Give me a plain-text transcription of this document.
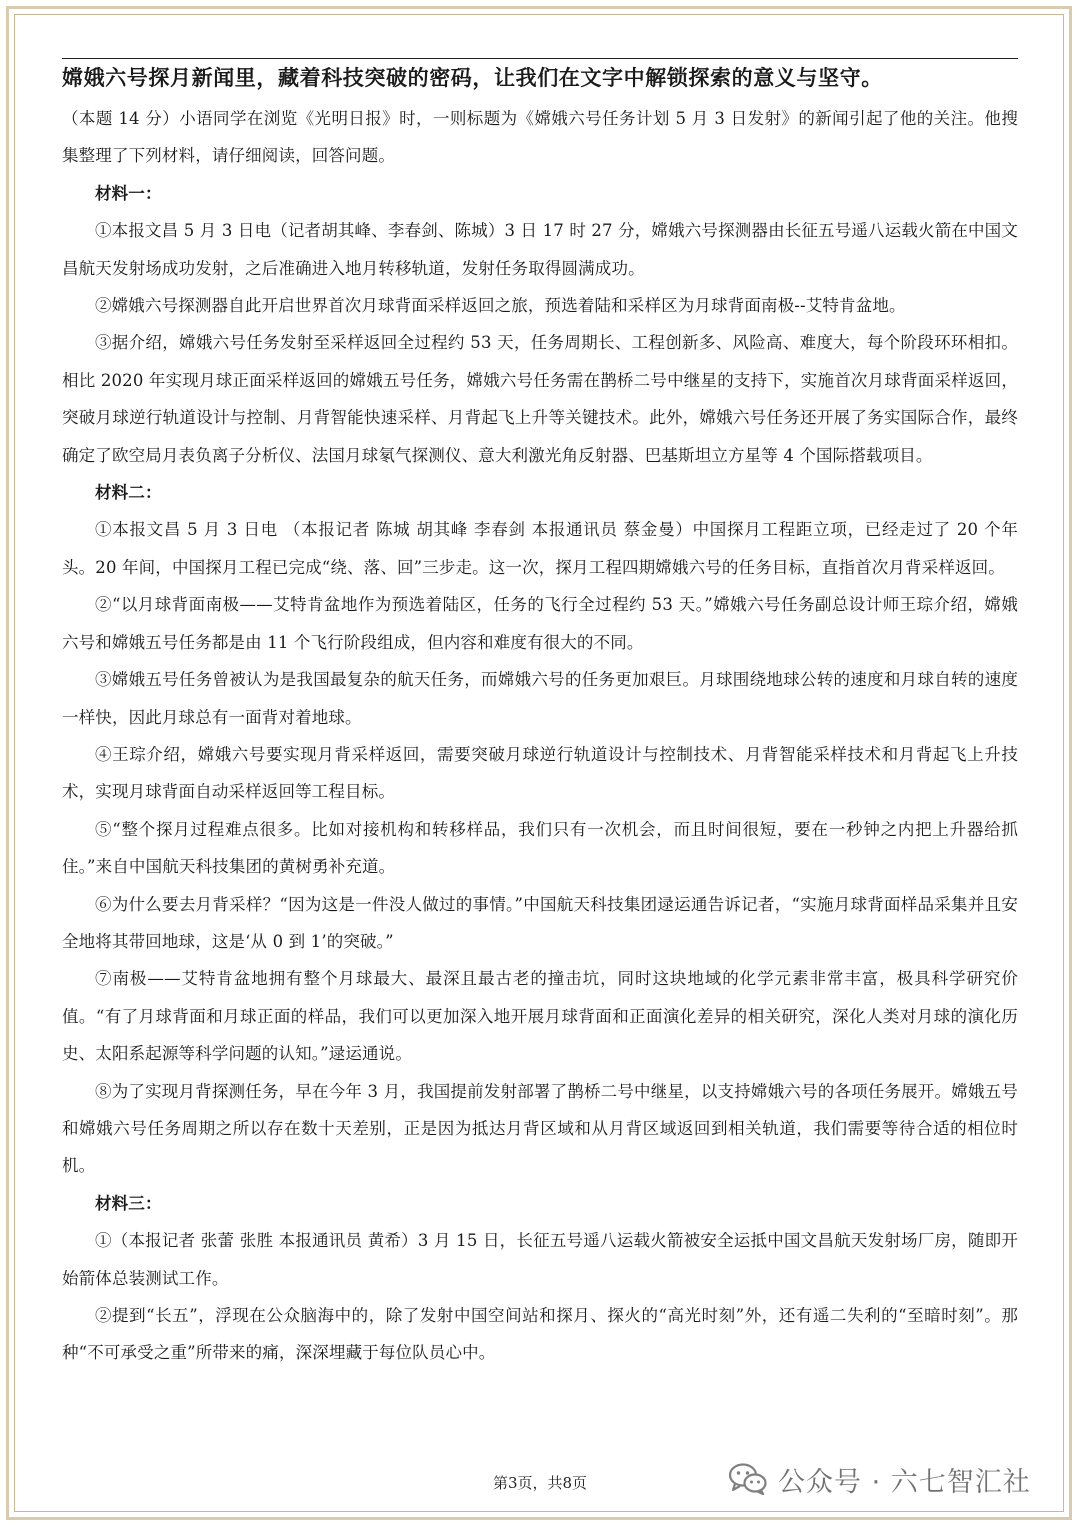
嫦娥六号探月新闻里，藏着科技突破的密码，让我们在文字中解锁探索的意义与坚守。

（本题 14 分）小语同学在浏览《光明日报》时，一则标题为《嫦娥六号任务计划 5 月 3 日发射》的新闻引起了他的关注。他搜集整理了下列材料，请仔细阅读，回答问题。

材料一：

①本报文昌 5 月 3 日电（记者胡其峰、李春剑、陈城）3 日 17 时 27 分，嫦娥六号探测器由长征五号遥八运载火箭在中国文昌航天发射场成功发射，之后准确进入地月转移轨道，发射任务取得圆满成功。

②嫦娥六号探测器自此开启世界首次月球背面采样返回之旅，预选着陆和采样区为月球背面南极--艾特肯盆地。

③据介绍，嫦娥六号任务发射至采样返回全过程约 53 天，任务周期长、工程创新多、风险高、难度大，每个阶段环环相扣。相比 2020 年实现月球正面采样返回的嫦娥五号任务，嫦娥六号任务需在鹊桥二号中继星的支持下，实施首次月球背面采样返回，突破月球逆行轨道设计与控制、月背智能快速采样、月背起飞上升等关键技术。此外，嫦娥六号任务还开展了务实国际合作，最终确定了欧空局月表负离子分析仪、法国月球氡气探测仪、意大利激光角反射器、巴基斯坦立方星等 4 个国际搭载项目。

材料二：

①本报文昌 5 月 3 日电 （本报记者 陈城 胡其峰 李春剑 本报通讯员 蔡金曼）中国探月工程距立项，已经走过了 20 个年头。20 年间，中国探月工程已完成“绕、落、回”三步走。这一次，探月工程四期嫦娥六号的任务目标，直指首次月背采样返回。

②“以月球背面南极——艾特肯盆地作为预选着陆区，任务的飞行全过程约 53 天。”嫦娥六号任务副总设计师王琮介绍，嫦娥六号和嫦娥五号任务都是由 11 个飞行阶段组成，但内容和难度有很大的不同。

③嫦娥五号任务曾被认为是我国最复杂的航天任务，而嫦娥六号的任务更加艰巨。月球围绕地球公转的速度和月球自转的速度一样快，因此月球总有一面背对着地球。

④王琮介绍，嫦娥六号要实现月背采样返回，需要突破月球逆行轨道设计与控制技术、月背智能采样技术和月背起飞上升技术，实现月球背面自动采样返回等工程目标。

⑤“整个探月过程难点很多。比如对接机构和转移样品，我们只有一次机会，而且时间很短，要在一秒钟之内把上升器给抓住。”来自中国航天科技集团的黄树勇补充道。

⑥为什么要去月背采样？“因为这是一件没人做过的事情。”中国航天科技集团逯运通告诉记者，“实施月球背面样品采集并且安全地将其带回地球，这是‘从 0 到 1’的突破。”

⑦南极——艾特肯盆地拥有整个月球最大、最深且最古老的撞击坑，同时这块地域的化学元素非常丰富，极具科学研究价值。“有了月球背面和月球正面的样品，我们可以更加深入地开展月球背面和正面演化差异的相关研究，深化人类对月球的演化历史、太阳系起源等科学问题的认知。”逯运通说。

⑧为了实现月背探测任务，早在今年 3 月，我国提前发射部署了鹊桥二号中继星，以支持嫦娥六号的各项任务展开。嫦娥五号和嫦娥六号任务周期之所以存在数十天差别，正是因为抵达月背区域和从月背区域返回到相关轨道，我们需要等待合适的相位时机。

材料三：

①（本报记者 张蕾 张胜 本报通讯员 黄希）3 月 15 日，长征五号遥八运载火箭被安全运抵中国文昌航天发射场厂房，随即开始箭体总装测试工作。

②提到“长五”，浮现在公众脑海中的，除了发射中国空间站和探月、探火的“高光时刻”外，还有遥二失利的“至暗时刻”。那种“不可承受之重”所带来的痛，深深埋藏于每位队员心中。

第3页，共8页	公众号 · 六七智汇社
